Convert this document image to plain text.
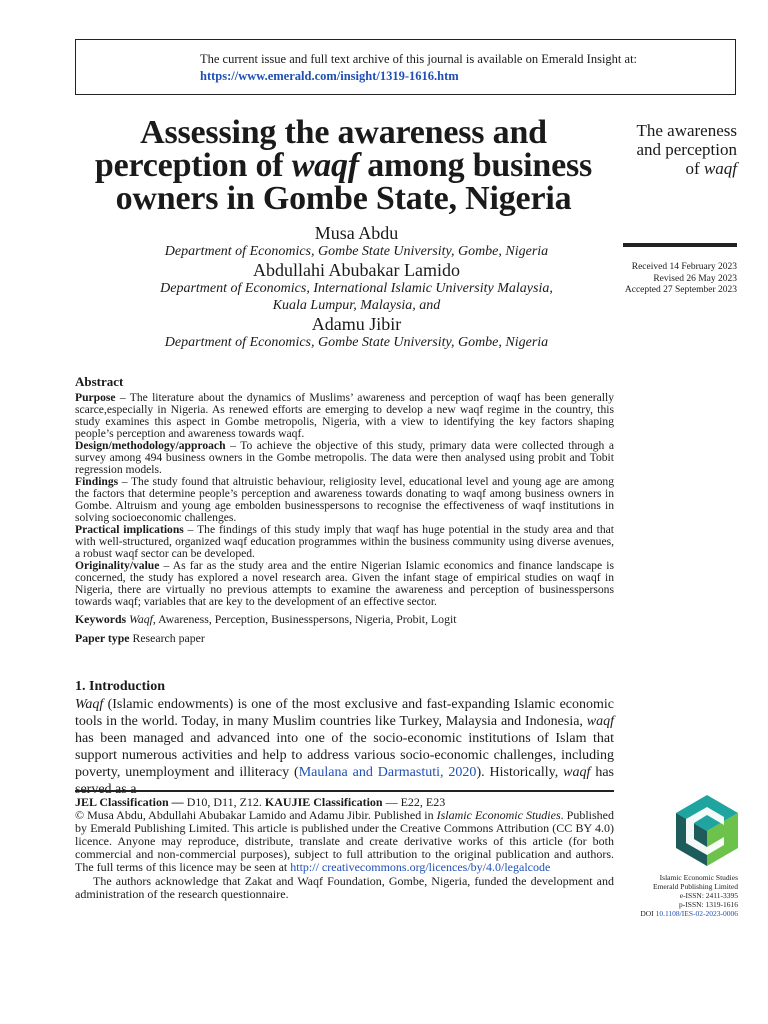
The current issue and full text archive of this journal is available on Emerald Insight at:
https://www.emerald.com/insight/1319-1616.htm
Assessing the awareness and perception of waqf among business owners in Gombe State, Nigeria
The awareness
and perception
of waqf
Received 14 February 2023
Revised 26 May 2023
Accepted 27 September 2023
Musa Abdu
Department of Economics, Gombe State University, Gombe, Nigeria
Abdullahi Abubakar Lamido
Department of Economics, International Islamic University Malaysia,
Kuala Lumpur, Malaysia, and
Adamu Jibir
Department of Economics, Gombe State University, Gombe, Nigeria
Abstract

Purpose – The literature about the dynamics of Muslims’ awareness and perception of waqf has been generally scarce,especially in Nigeria. As renewed efforts are emerging to develop a new waqf regime in the country, this study examines this aspect in Gombe metropolis, Nigeria, with a view to identifying the key factors shaping people’s perception and awareness towards waqf.

Design/methodology/approach – To achieve the objective of this study, primary data were collected through a survey among 494 business owners in the Gombe metropolis. The data were then analysed using probit and Tobit regression models.

Findings – The study found that altruistic behaviour, religiosity level, educational level and young age are among the factors that determine people’s perception and awareness towards donating to waqf among business owners in Gombe. Altruism and young age embolden businesspersons to recognise the effectiveness of waqf institutions in solving socioeconomic challenges.

Practical implications – The findings of this study imply that waqf has huge potential in the study area and that with well-structured, organized waqf education programmes within the business community using diverse avenues, a robust waqf sector can be developed.

Originality/value – As far as the study area and the entire Nigerian Islamic economics and finance landscape is concerned, the study has explored a novel research area. Given the infant stage of empirical studies on waqf in Nigeria, there are virtually no previous attempts to examine the awareness and perception of businesspersons towards waqf; variables that are key to the development of an effective sector.

Keywords Waqf, Awareness, Perception, Businesspersons, Nigeria, Probit, Logit

Paper type Research paper

1. Introduction

Waqf (Islamic endowments) is one of the most exclusive and fast-expanding Islamic economic tools in the world. Today, in many Muslim countries like Turkey, Malaysia and Indonesia, waqf has been managed and advanced into one of the socio-economic institutions of Islam that support numerous activities and help to address various socio-economic challenges, including poverty, unemployment and illiteracy (Maulana and Darmastuti, 2020). Historically, waqf has

JEL Classification — D10, D11, Z12. KAUJIE Classification — E22, E23

© Musa Abdu, Abdullahi Abubakar Lamido and Adamu Jibir. Published in Islamic Economic Studies. Published by Emerald Publishing Limited. This article is published under the Creative Commons Attribution (CC BY 4.0) licence. Anyone may reproduce, distribute, translate and create derivative works of this article (for both commercial and non-commercial purposes), subject to full attribution to the original publication and authors. The full terms of this licence may be seen at http:// creativecommons.org/licences/by/4.0/legalcode

The authors acknowledge that Zakat and Waqf Foundation, Gombe, Nigeria, funded the development and administration of the research questionnaire.

Islamic Economic Studies
Emerald Publishing Limited
e-ISSN: 2411-3395
p-ISSN: 1319-1616
DOI 10.1108/IES-02-2023-0006
